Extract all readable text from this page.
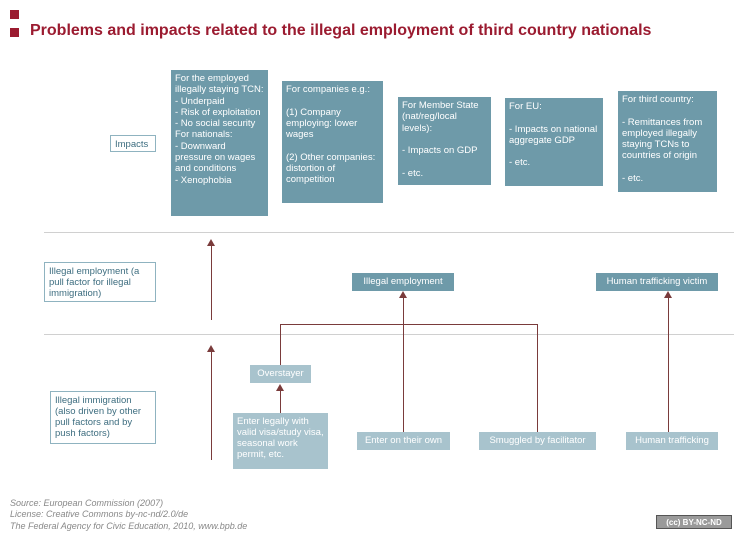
Problems and impacts related to the illegal employment of third country nationals
Impacts
Illegal employment (a pull factor for illegal immigration)
Illegal immigration (also driven by other pull factors and by push factors)
For the employed illegally staying TCN:
- Underpaid
- Risk of exploitation
- No social security
For nationals:
- Downward pressure on wages and conditions
- Xenophobia
For companies e.g.:

(1) Company employing: lower wages

(2) Other companies: distortion of competition
For Member State (nat/reg/local levels):

- Impacts on GDP

- etc.
For EU:

- Impacts on national aggregate GDP

- etc.
For third country:

- Remittances from employed illegally staying TCNs to countries of origin

- etc.
Illegal employment	Human trafficking victim
Overstayer
Enter legally with valid visa/study visa, seasonal work permit, etc.
Enter on their own	Smuggled by facilitator	Human trafficking
Source: European Commission (2007)
License: Creative Commons by-nc-nd/2.0/de
The Federal Agency for Civic Education, 2010, www.bpb.de	(cc) BY-NC-ND
